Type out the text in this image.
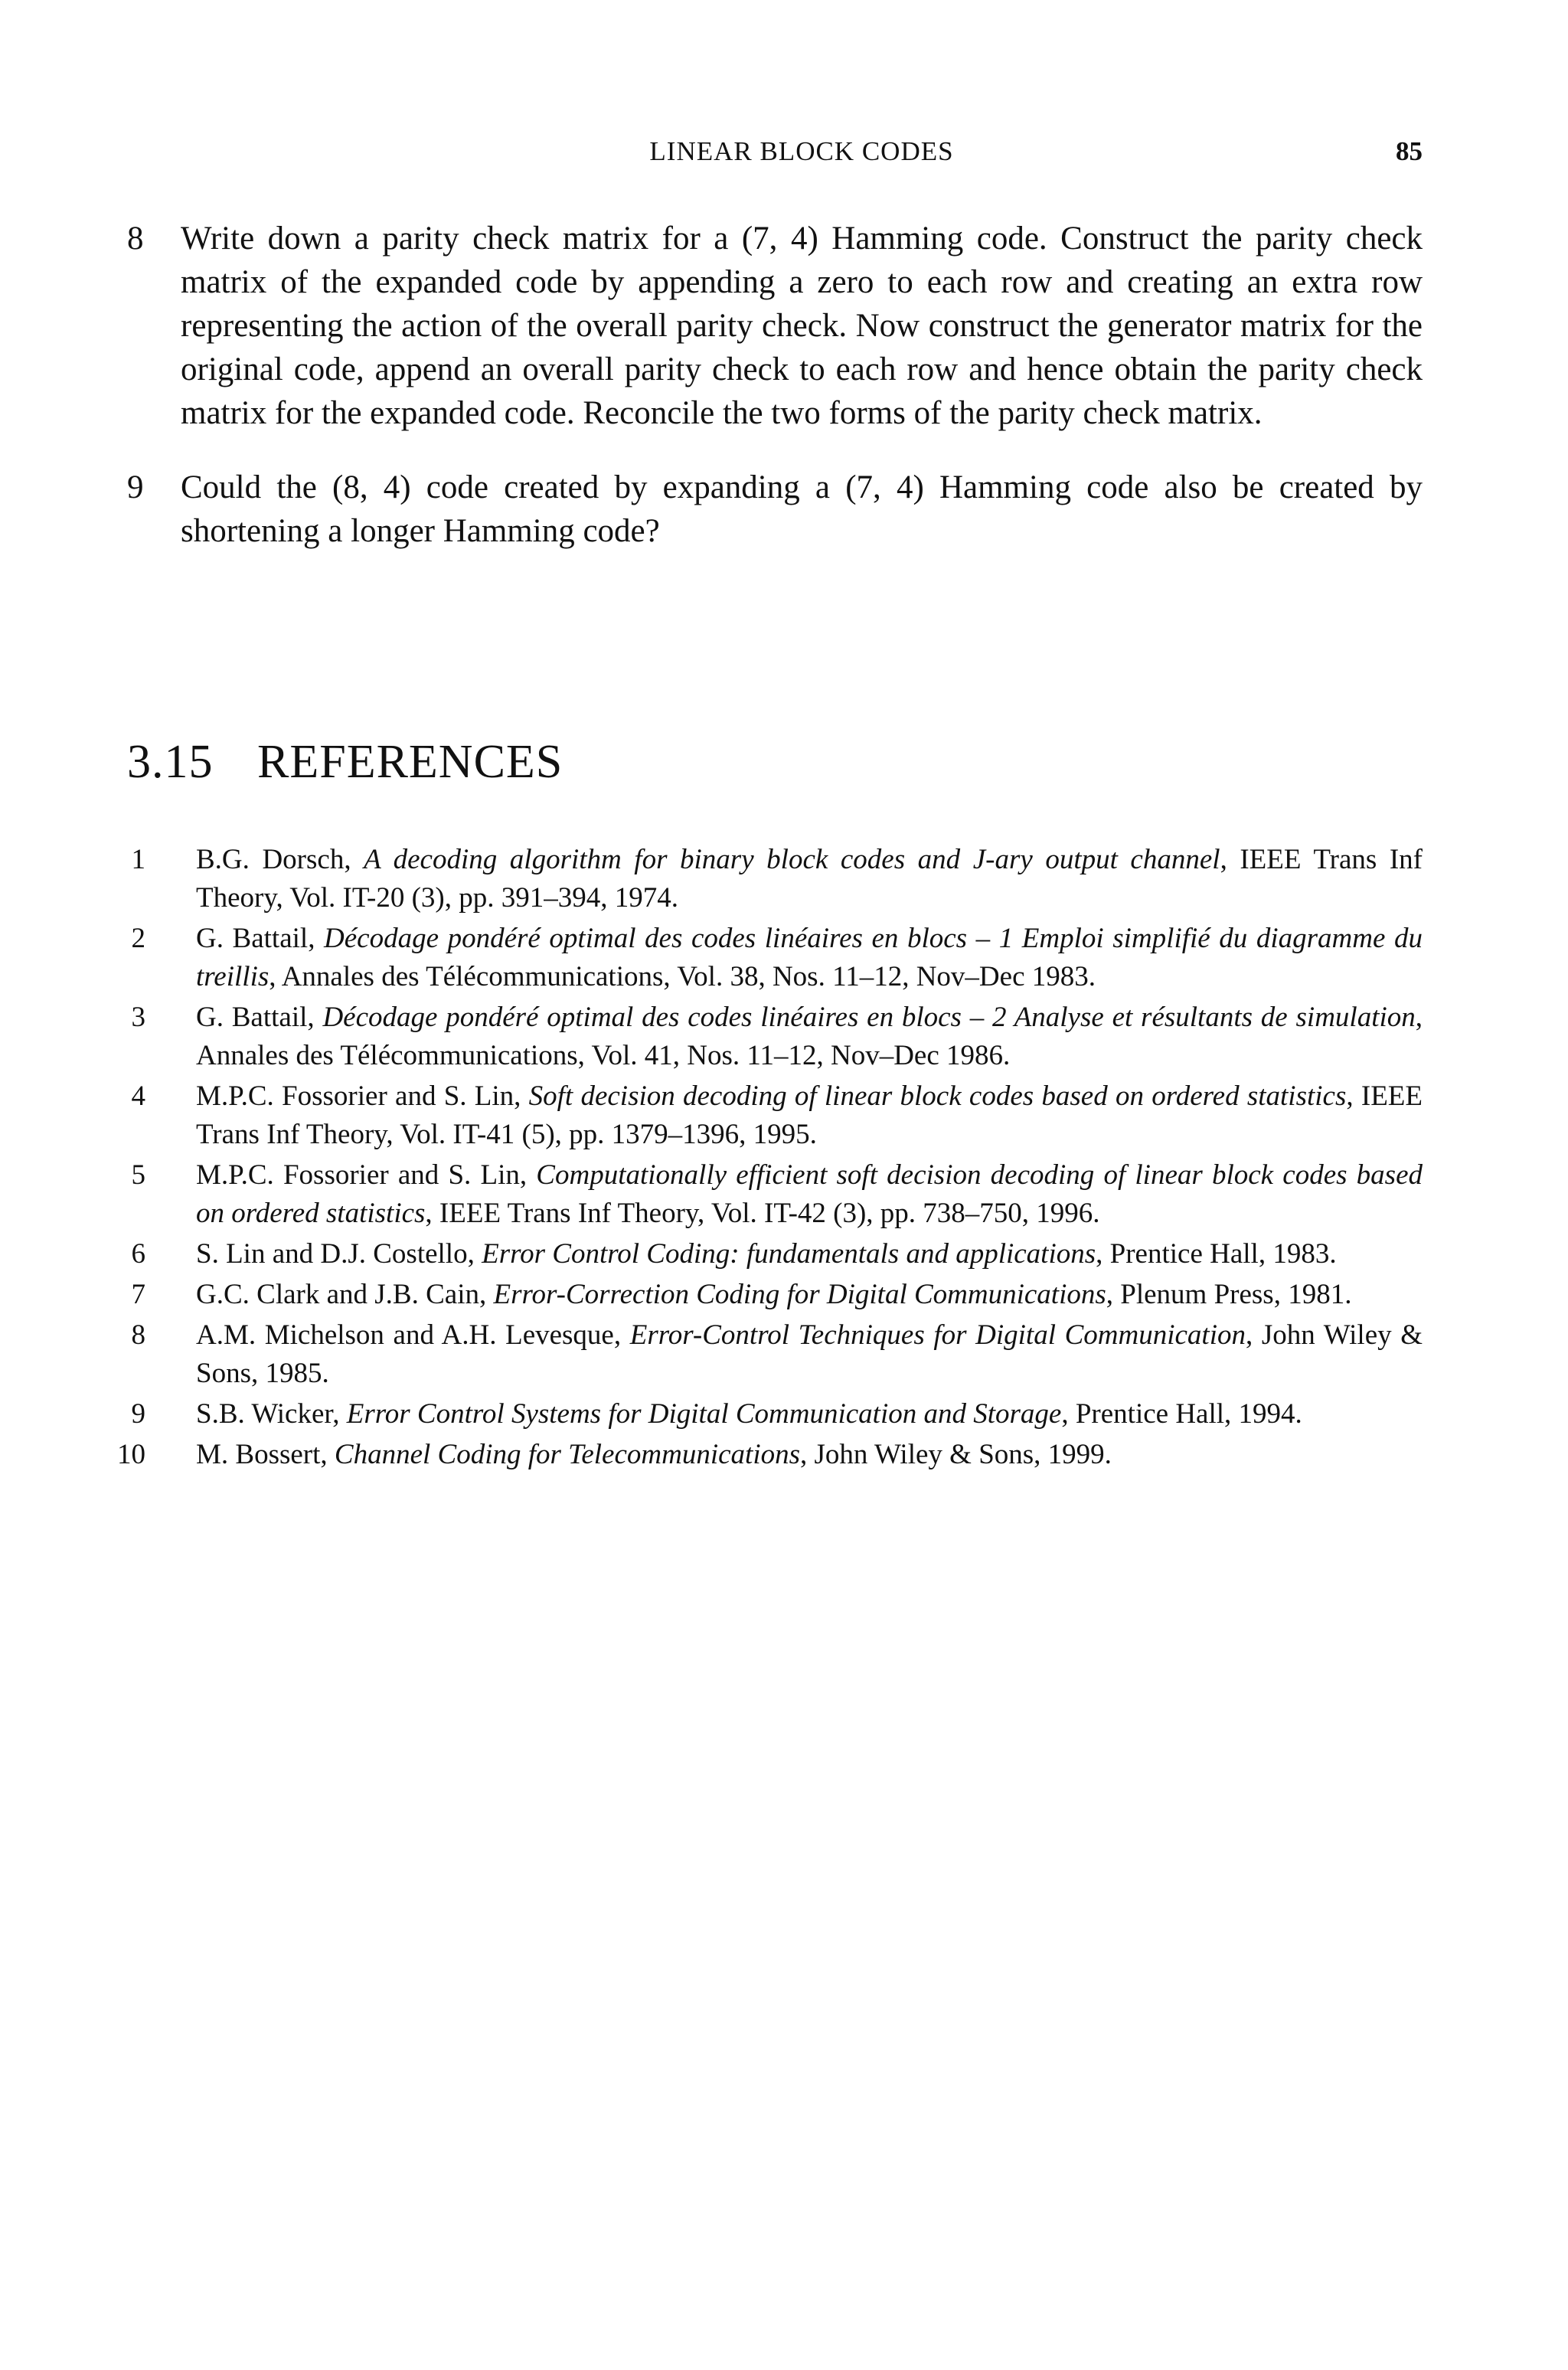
LINEAR BLOCK CODES	85
8 Write down a parity check matrix for a (7, 4) Hamming code. Construct the parity check matrix of the expanded code by appending a zero to each row and creating an extra row representing the action of the overall parity check. Now construct the generator matrix for the original code, append an overall parity check to each row and hence obtain the parity check matrix for the expanded code. Reconcile the two forms of the parity check matrix.
9 Could the (8, 4) code created by expanding a (7, 4) Hamming code also be created by shortening a longer Hamming code?
3.15 REFERENCES
1 B.G. Dorsch, A decoding algorithm for binary block codes and J-ary output channel, IEEE Trans Inf Theory, Vol. IT-20 (3), pp. 391–394, 1974.
2 G. Battail, Décodage pondéré optimal des codes linéaires en blocs – 1 Emploi simplifié du diagramme du treillis, Annales des Télécommunications, Vol. 38, Nos. 11–12, Nov–Dec 1983.
3 G. Battail, Décodage pondéré optimal des codes linéaires en blocs – 2 Analyse et résultants de simulation, Annales des Télécommunications, Vol. 41, Nos. 11–12, Nov–Dec 1986.
4 M.P.C. Fossorier and S. Lin, Soft decision decoding of linear block codes based on ordered statistics, IEEE Trans Inf Theory, Vol. IT-41 (5), pp. 1379–1396, 1995.
5 M.P.C. Fossorier and S. Lin, Computationally efficient soft decision decoding of linear block codes based on ordered statistics, IEEE Trans Inf Theory, Vol. IT-42 (3), pp. 738–750, 1996.
6 S. Lin and D.J. Costello, Error Control Coding: fundamentals and applications, Prentice Hall, 1983.
7 G.C. Clark and J.B. Cain, Error-Correction Coding for Digital Communications, Plenum Press, 1981.
8 A.M. Michelson and A.H. Levesque, Error-Control Techniques for Digital Communication, John Wiley & Sons, 1985.
9 S.B. Wicker, Error Control Systems for Digital Communication and Storage, Prentice Hall, 1994.
10 M. Bossert, Channel Coding for Telecommunications, John Wiley & Sons, 1999.
